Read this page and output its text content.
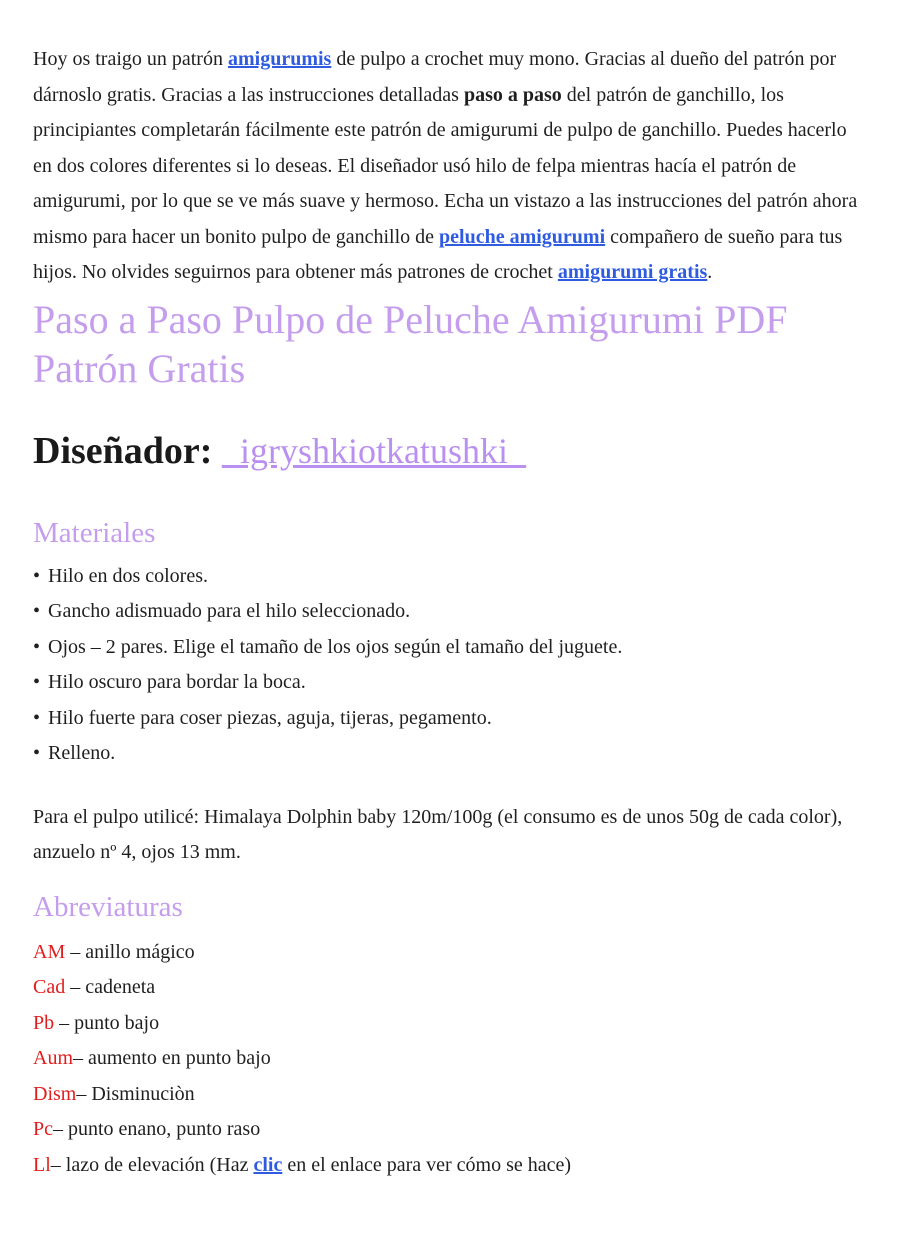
Hoy os traigo un patrón amigurumis de pulpo a crochet muy mono. Gracias al dueño del patrón por dárnoslo gratis. Gracias a las instrucciones detalladas paso a paso del patrón de ganchillo, los principiantes completarán fácilmente este patrón de amigurumi de pulpo de ganchillo. Puedes hacerlo en dos colores diferentes si lo deseas. El diseñador usó hilo de felpa mientras hacía el patrón de amigurumi, por lo que se ve más suave y hermoso. Echa un vistazo a las instrucciones del patrón ahora mismo para hacer un bonito pulpo de ganchillo de peluche amigurumi compañero de sueño para tus hijos. No olvides seguirnos para obtener más patrones de crochet amigurumi gratis.

Paso a Paso Pulpo de Peluche Amigurumi PDF Patrón Gratis
Diseñador: _igryshkiotkatushki_
Materiales

• Hilo en dos colores.

• Gancho adismuado para el hilo seleccionado.

• Ojos – 2 pares. Elige el tamaño de los ojos según el tamaño del juguete.

• Hilo oscuro para bordar la boca.

• Hilo fuerte para coser piezas, aguja, tijeras, pegamento.

• Relleno.

Para el pulpo utilicé: Himalaya Dolphin baby 120m/100g (el consumo es de unos 50g de cada color), anzuelo nº 4, ojos 13 mm.

Abreviaturas

AM – anillo mágico

Cad – cadeneta

Pb – punto bajo

Aum– aumento en punto bajo

Dism– Disminuciòn

Pc– punto enano, punto raso

Ll– lazo de elevación (Haz clic en el enlace para ver cómo se hace)
